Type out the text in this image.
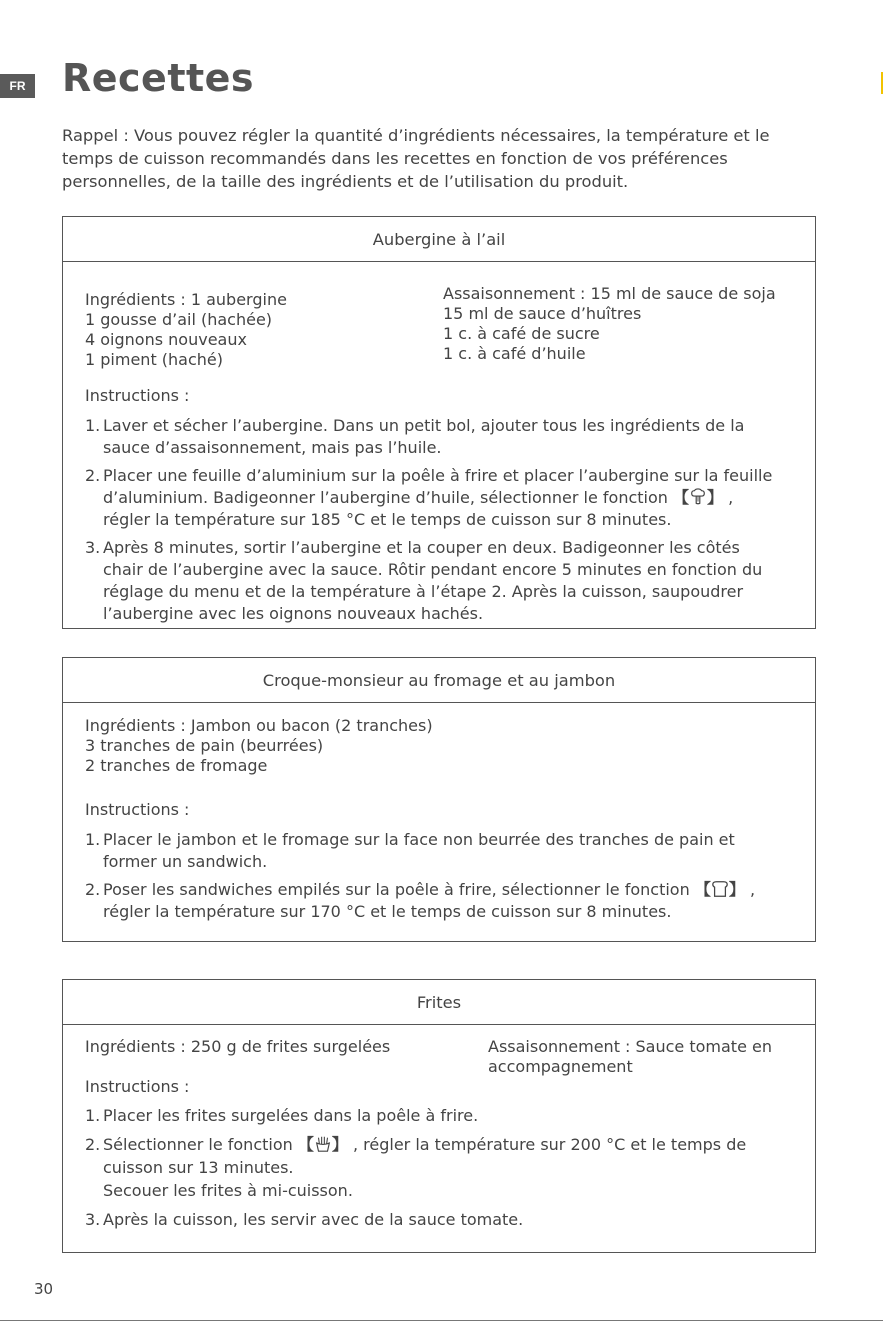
FR Recettes
Rappel : Vous pouvez régler la quantité d’ingrédients nécessaires, la température et le temps de cuisson recommandés dans les recettes en fonction de vos préférences personnelles, de la taille des ingrédients et de l’utilisation du produit.
Aubergine à l’ail
Ingrédients : 1 aubergine
1 gousse d’ail (hachée)
4 oignons nouveaux
1 piment (haché)
Assaisonnement : 15 ml de sauce de soja
15 ml de sauce d’huîtres
1 c. à café de sucre
1 c. à café d’huile
Instructions :
1. Laver et sécher l’aubergine. Dans un petit bol, ajouter tous les ingrédients de la
sauce d’assaisonnement, mais pas l’huile.
2. Placer une feuille d’aluminium sur la poêle à frire et placer l’aubergine sur la feuille
d’aluminium. Badigeonner l’aubergine d’huile, sélectionner le fonction 【 】 ,
régler la température sur 185 °C et le temps de cuisson sur 8 minutes.
3. Après 8 minutes, sortir l’aubergine et la couper en deux. Badigeonner les côtés
chair de l’aubergine avec la sauce. Rôtir pendant encore 5 minutes en fonction du
réglage du menu et de la température à l’étape 2. Après la cuisson, saupoudrer
l’aubergine avec les oignons nouveaux hachés.
Croque-monsieur au fromage et au jambon
Ingrédients : Jambon ou bacon (2 tranches)
3 tranches de pain (beurrées)
2 tranches de fromage
Instructions :
1. Placer le jambon et le fromage sur la face non beurrée des tranches de pain et
former un sandwich.
2. Poser les sandwiches empilés sur la poêle à frire, sélectionner le fonction 【 】 ,
régler la température sur 170 °C et le temps de cuisson sur 8 minutes.
Frites
Ingrédients : 250 g de frites surgelées	Assaisonnement : Sauce tomate en
accompagnement
Instructions :
1. Placer les frites surgelées dans la poêle à frire.
2. Sélectionner le fonction 【 】 , régler la température sur 200 °C et le temps de
cuisson sur 13 minutes.
Secouer les frites à mi-cuisson.
3. Après la cuisson, les servir avec de la sauce tomate.
30
